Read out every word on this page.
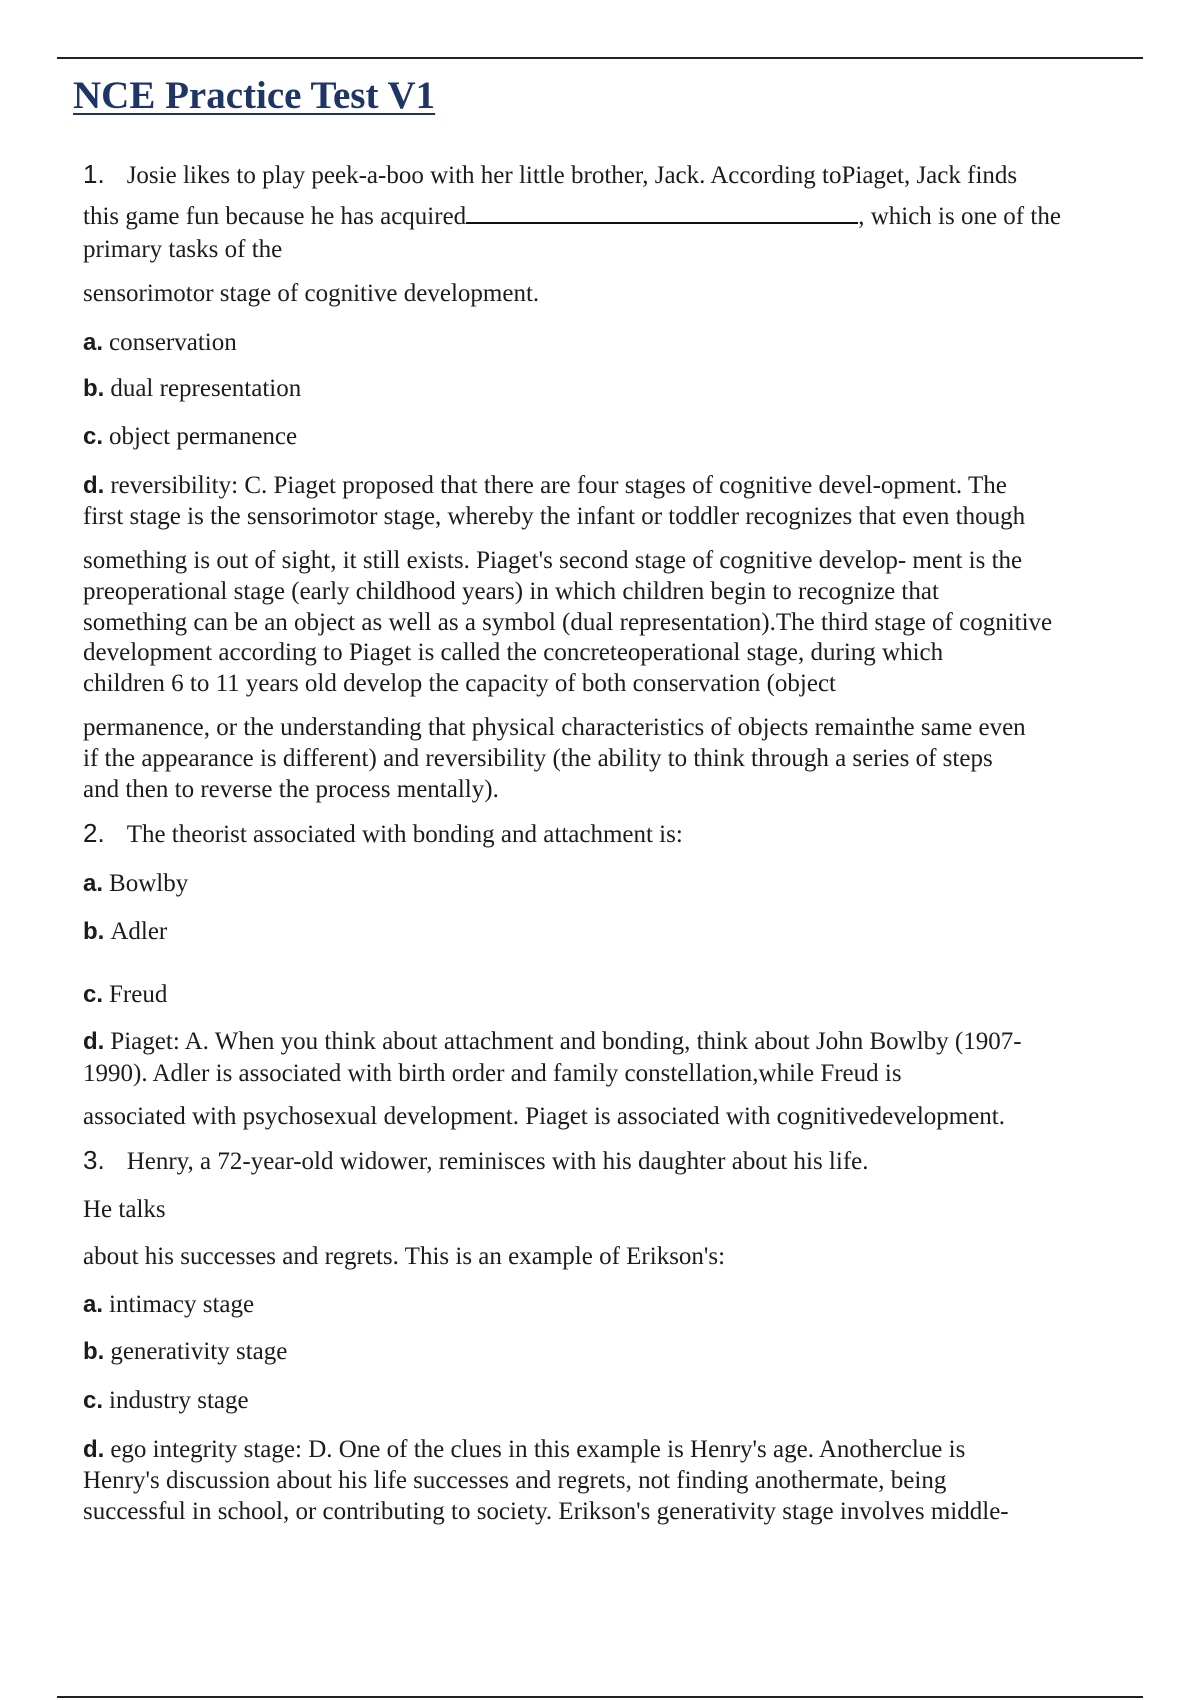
NCE Practice Test V1

1. Josie likes to play peek-a-boo with her little brother, Jack. According toPiaget, Jack finds

this game fun because he has acquired	, which is one of the

primary tasks of the

sensorimotor stage of cognitive development.

a. conservation

b. dual representation

c. object permanence

d. reversibility: C. Piaget proposed that there are four stages of cognitive devel-opment. The

first stage is the sensorimotor stage, whereby the infant or toddler recognizes that even though

something is out of sight, it still exists. Piaget's second stage of cognitive develop- ment is the

preoperational stage (early childhood years) in which children begin to recognize that

something can be an object as well as a symbol (dual representation).The third stage of cognitive

development according to Piaget is called the concreteoperational stage, during which

children 6 to 11 years old develop the capacity of both conservation (object

permanence, or the understanding that physical characteristics of objects remainthe same even

if the appearance is different) and reversibility (the ability to think through a series of steps

and then to reverse the process mentally).

2. The theorist associated with bonding and attachment is:

a. Bowlby

b. Adler

c. Freud

d. Piaget: A. When you think about attachment and bonding, think about John Bowlby (1907-

1990). Adler is associated with birth order and family constellation,while Freud is

associated with psychosexual development. Piaget is associated with cognitivedevelopment.

3. Henry, a 72-year-old widower, reminisces with his daughter about his life.

He talks

about his successes and regrets. This is an example of Erikson's:

a. intimacy stage

b. generativity stage

c. industry stage

d. ego integrity stage: D. One of the clues in this example is Henry's age. Anotherclue is

Henry's discussion about his life successes and regrets, not finding anothermate, being

successful in school, or contributing to society. Erikson's generativity stage involves middle-
